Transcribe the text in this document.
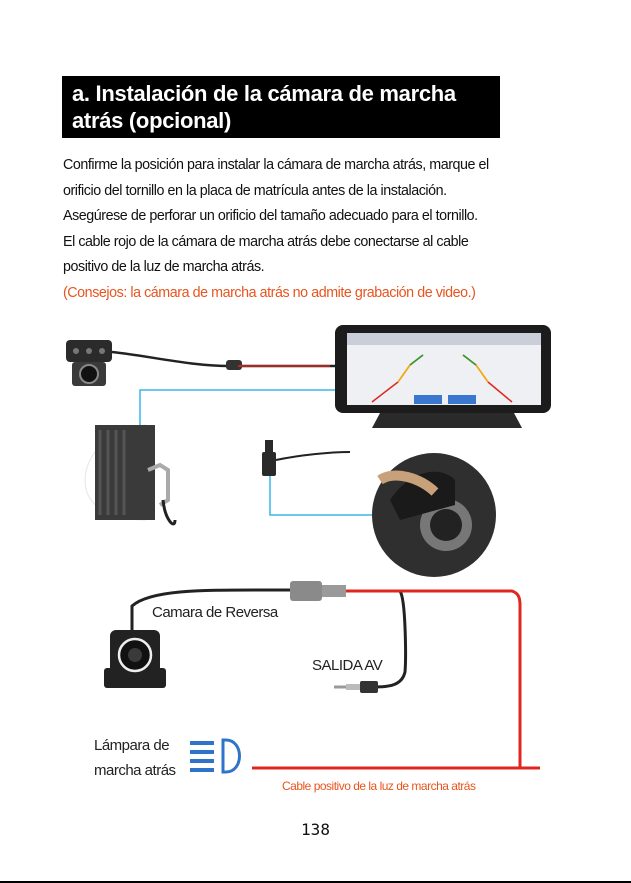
a. Instalación de la cámara de marcha
atrás (opcional)
Confirme la posición para instalar la cámara de marcha atrás, marque el
orificio del tornillo en la placa de matrícula antes de la instalación.
Asegúrese de perforar un orificio del tamaño adecuado para el tornillo.
El cable rojo de la cámara de marcha atrás debe conectarse al cable
positivo de la luz de marcha atrás.
(Consejos: la cámara de marcha atrás no admite grabación de video.)
Camara de Reversa
SALIDA AV
Lámpara de
marcha atrás
Cable positivo de la luz de marcha atrás
138
